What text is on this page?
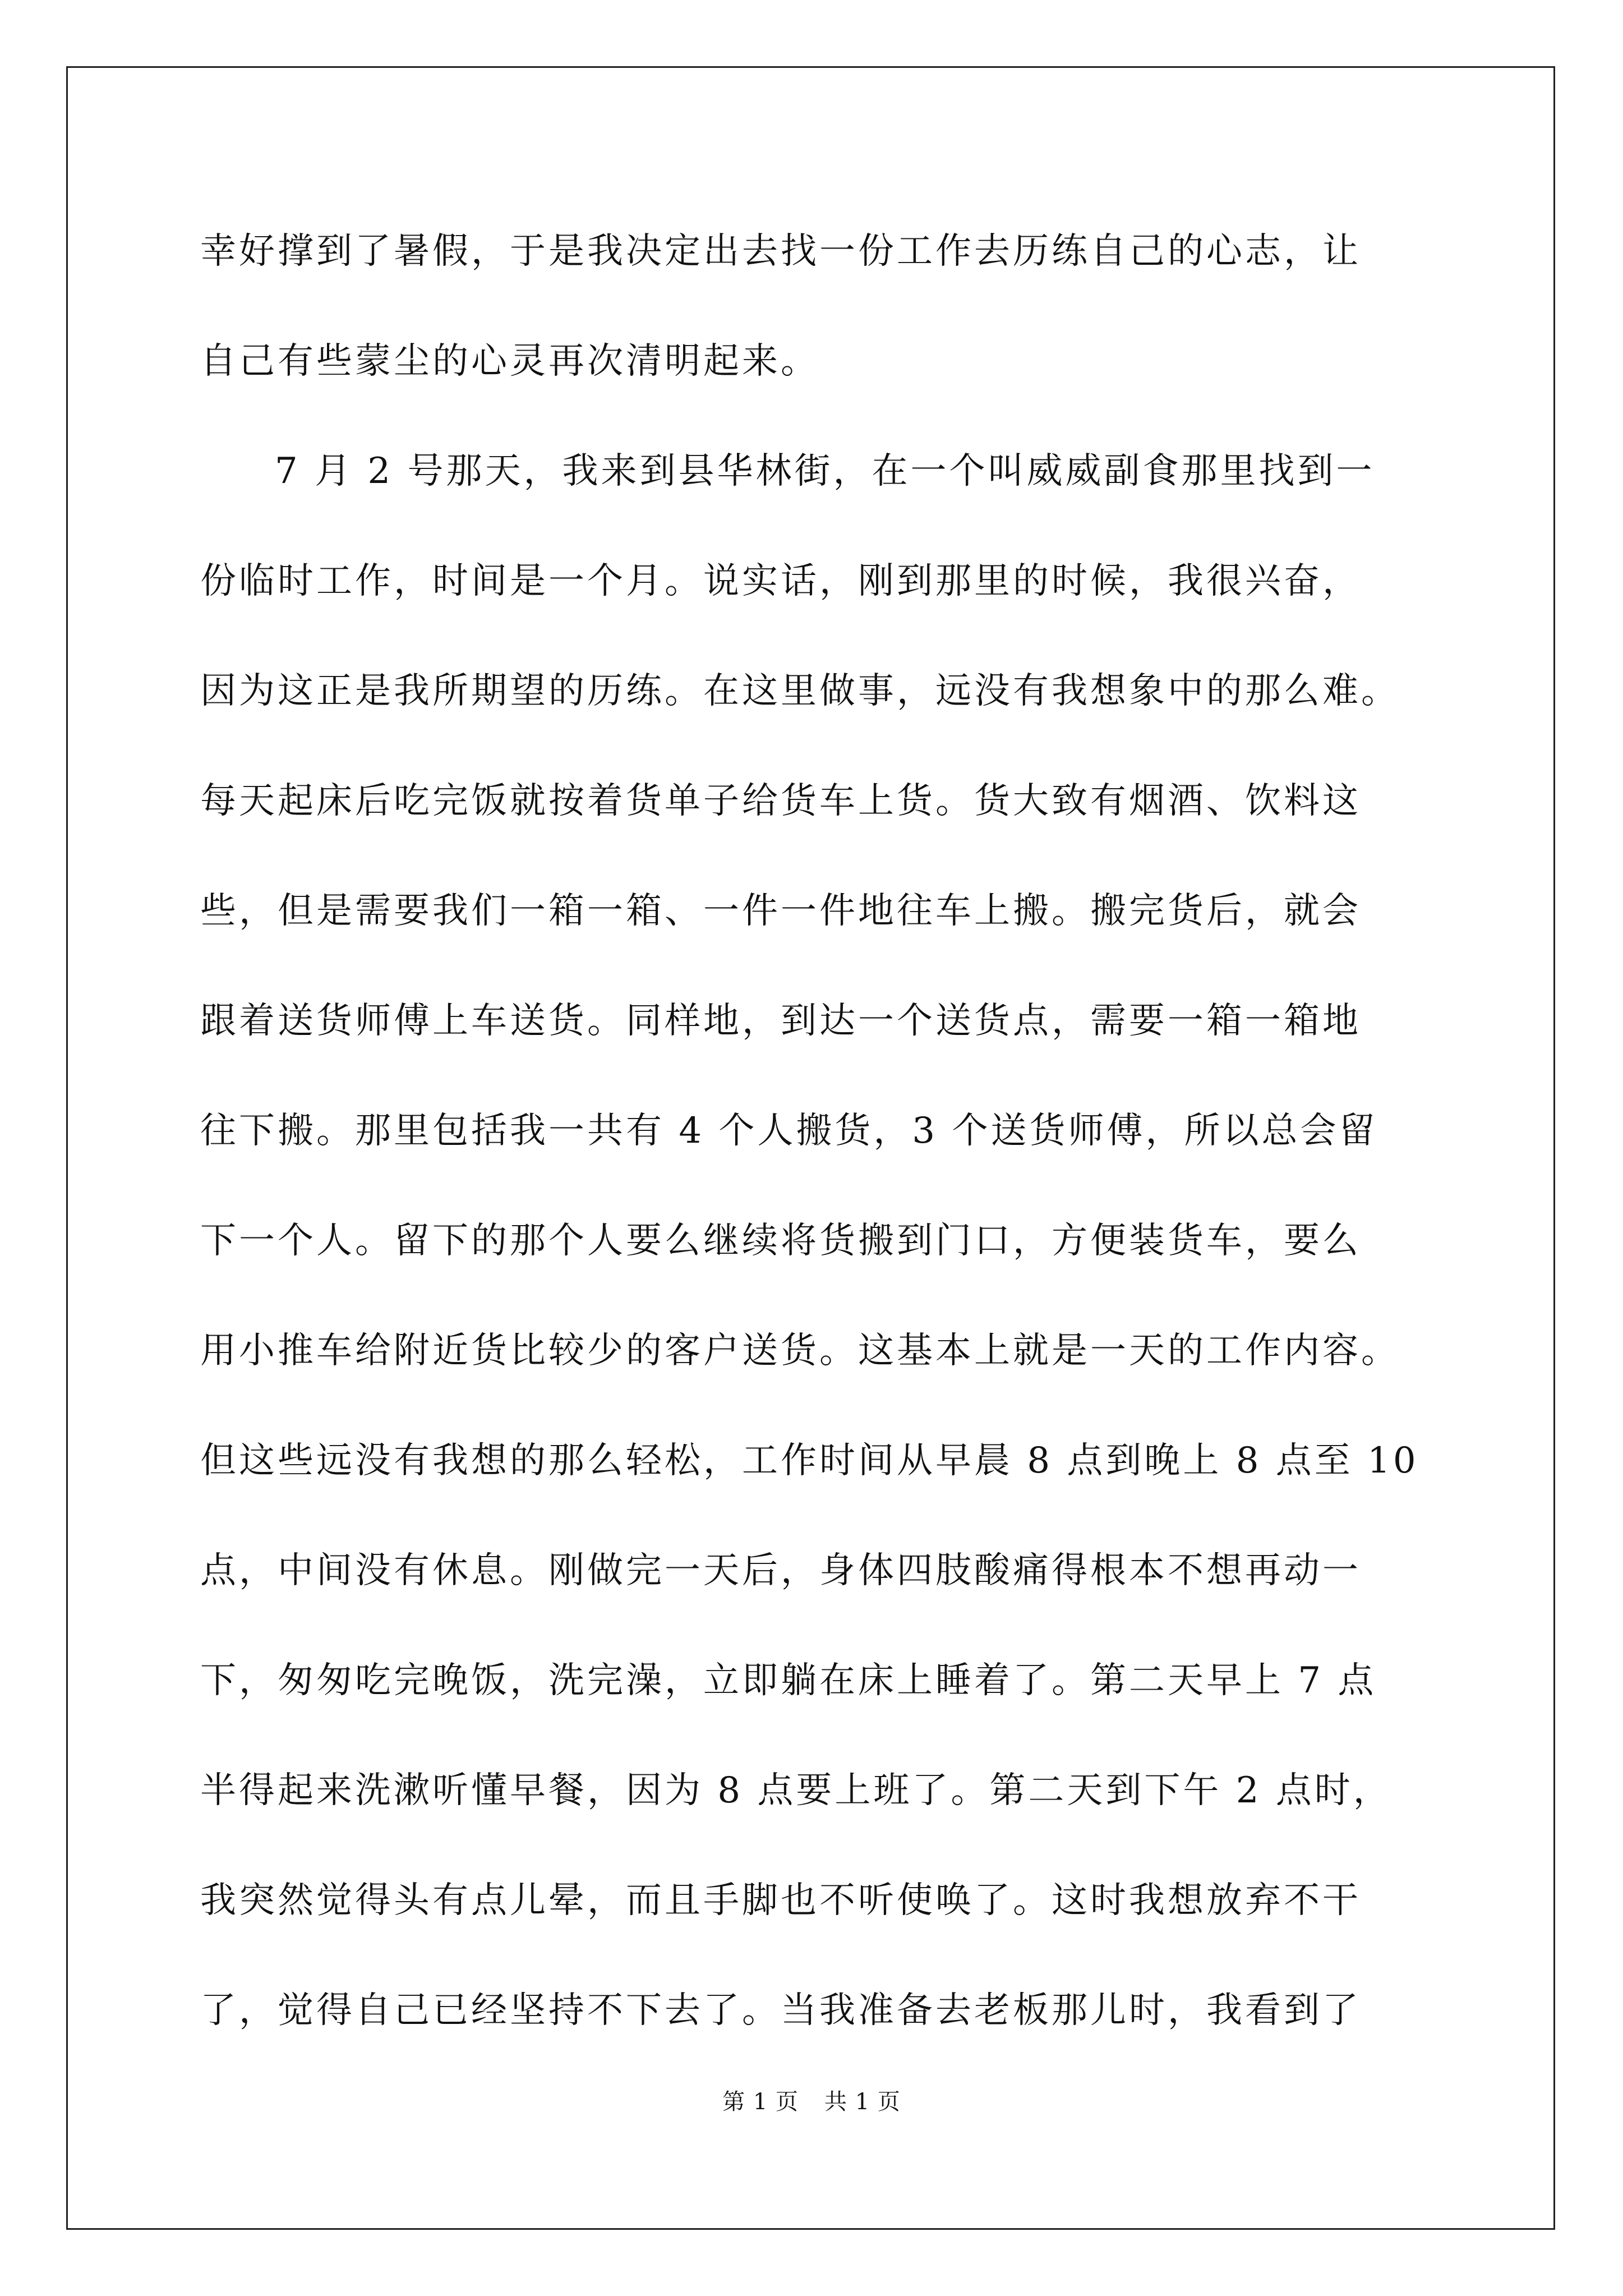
幸好撑到了暑假，于是我决定出去找一份工作去历练自己的心志，让
自己有些蒙尘的心灵再次清明起来。
7 月 2 号那天，我来到县华林街，在一个叫威威副食那里找到一
份临时工作，时间是一个月。说实话，刚到那里的时候，我很兴奋，
因为这正是我所期望的历练。在这里做事，远没有我想象中的那么难。
每天起床后吃完饭就按着货单子给货车上货。货大致有烟酒、饮料这
些，但是需要我们一箱一箱、一件一件地往车上搬。搬完货后，就会
跟着送货师傅上车送货。同样地，到达一个送货点，需要一箱一箱地
往下搬。那里包括我一共有 4 个人搬货，3 个送货师傅，所以总会留
下一个人。留下的那个人要么继续将货搬到门口，方便装货车，要么
用小推车给附近货比较少的客户送货。这基本上就是一天的工作内容。
但这些远没有我想的那么轻松，工作时间从早晨 8 点到晚上 8 点至 10
点，中间没有休息。刚做完一天后，身体四肢酸痛得根本不想再动一
下，匆匆吃完晚饭，洗完澡，立即躺在床上睡着了。第二天早上 7 点
半得起来洗漱听懂早餐，因为 8 点要上班了。第二天到下午 2 点时，
我突然觉得头有点儿晕，而且手脚也不听使唤了。这时我想放弃不干
了，觉得自己已经坚持不下去了。当我准备去老板那儿时，我看到了
第 1 页 共 1 页
